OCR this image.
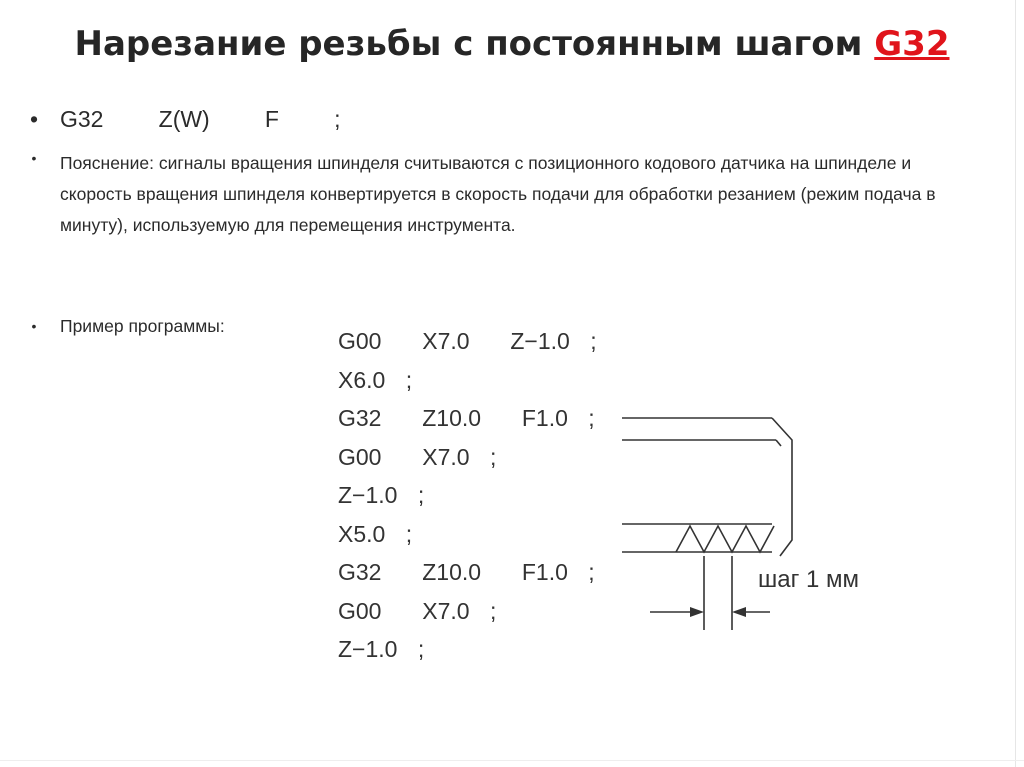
Нарезание резьбы с постоянным шагом G32
• G32   Z(W)   F   ;
•	Пояснение: сигналы вращения шпинделя считываются с позиционного кодового датчика на шпинделе и скорость вращения шпинделя конвертируется в скорость подачи для обработки резанием (режим подача в минуту), используемую для перемещения инструмента.
•	Пример программы:
G00  X7.0  Z−1.0 ;
X6.0 ;
G32  Z10.0  F1.0 ;
G00  X7.0 ;
Z−1.0 ;
X5.0 ;
G32  Z10.0  F1.0 ;
G00  X7.0 ;
Z−1.0 ;
шаг 1 мм
